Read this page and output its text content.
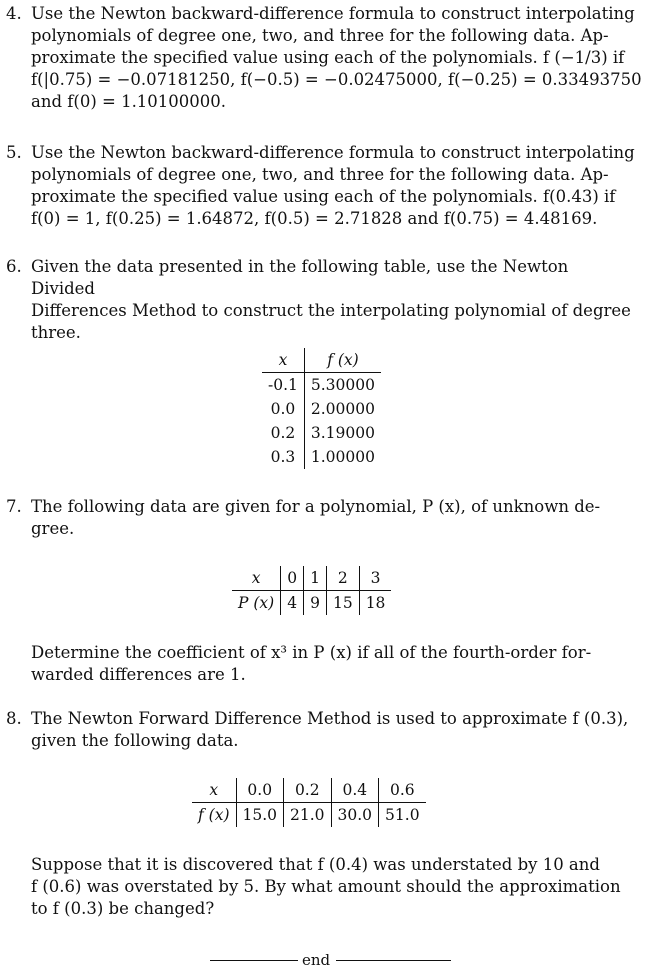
4. Use the Newton backward-difference formula to construct interpolating

polynomials of degree one, two, and three for the following data. Ap-

proximate the specified value using each of the polynomials. f (−1/3) if

f(|0.75) = −0.07181250, f(−0.5) = −0.02475000, f(−0.25) = 0.33493750

and f(0) = 1.10100000.

5. Use the Newton backward-difference formula to construct interpolating

polynomials of degree one, two, and three for the following data. Ap-

proximate the specified value using each of the polynomials. f(0.43) if

f(0) = 1, f(0.25) = 1.64872, f(0.5) = 2.71828 and f(0.75) = 4.48169.

6. Given the data presented in the following table, use the Newton Divided

Differences Method to construct the interpolating polynomial of degree

three.

x	f (x)
-0.1	5.30000
0.0	2.00000
0.2	3.19000
0.3	1.00000
7. The following data are given for a polynomial, P (x), of unknown de-

gree.

x	0	1	2	3
P (x)	4	9	15	18

Determine the coefficient of x³ in P (x) if all of the fourth-order for-

warded differences are 1.

8. The Newton Forward Difference Method is used to approximate f (0.3),

given the following data.

x	0.0	0.2	0.4	0.6
f (x)	15.0	21.0	30.0	51.0

Suppose that it is discovered that f (0.4) was understated by 10 and

f (0.6) was overstated by 5. By what amount should the approximation

to f (0.3) be changed?

end
